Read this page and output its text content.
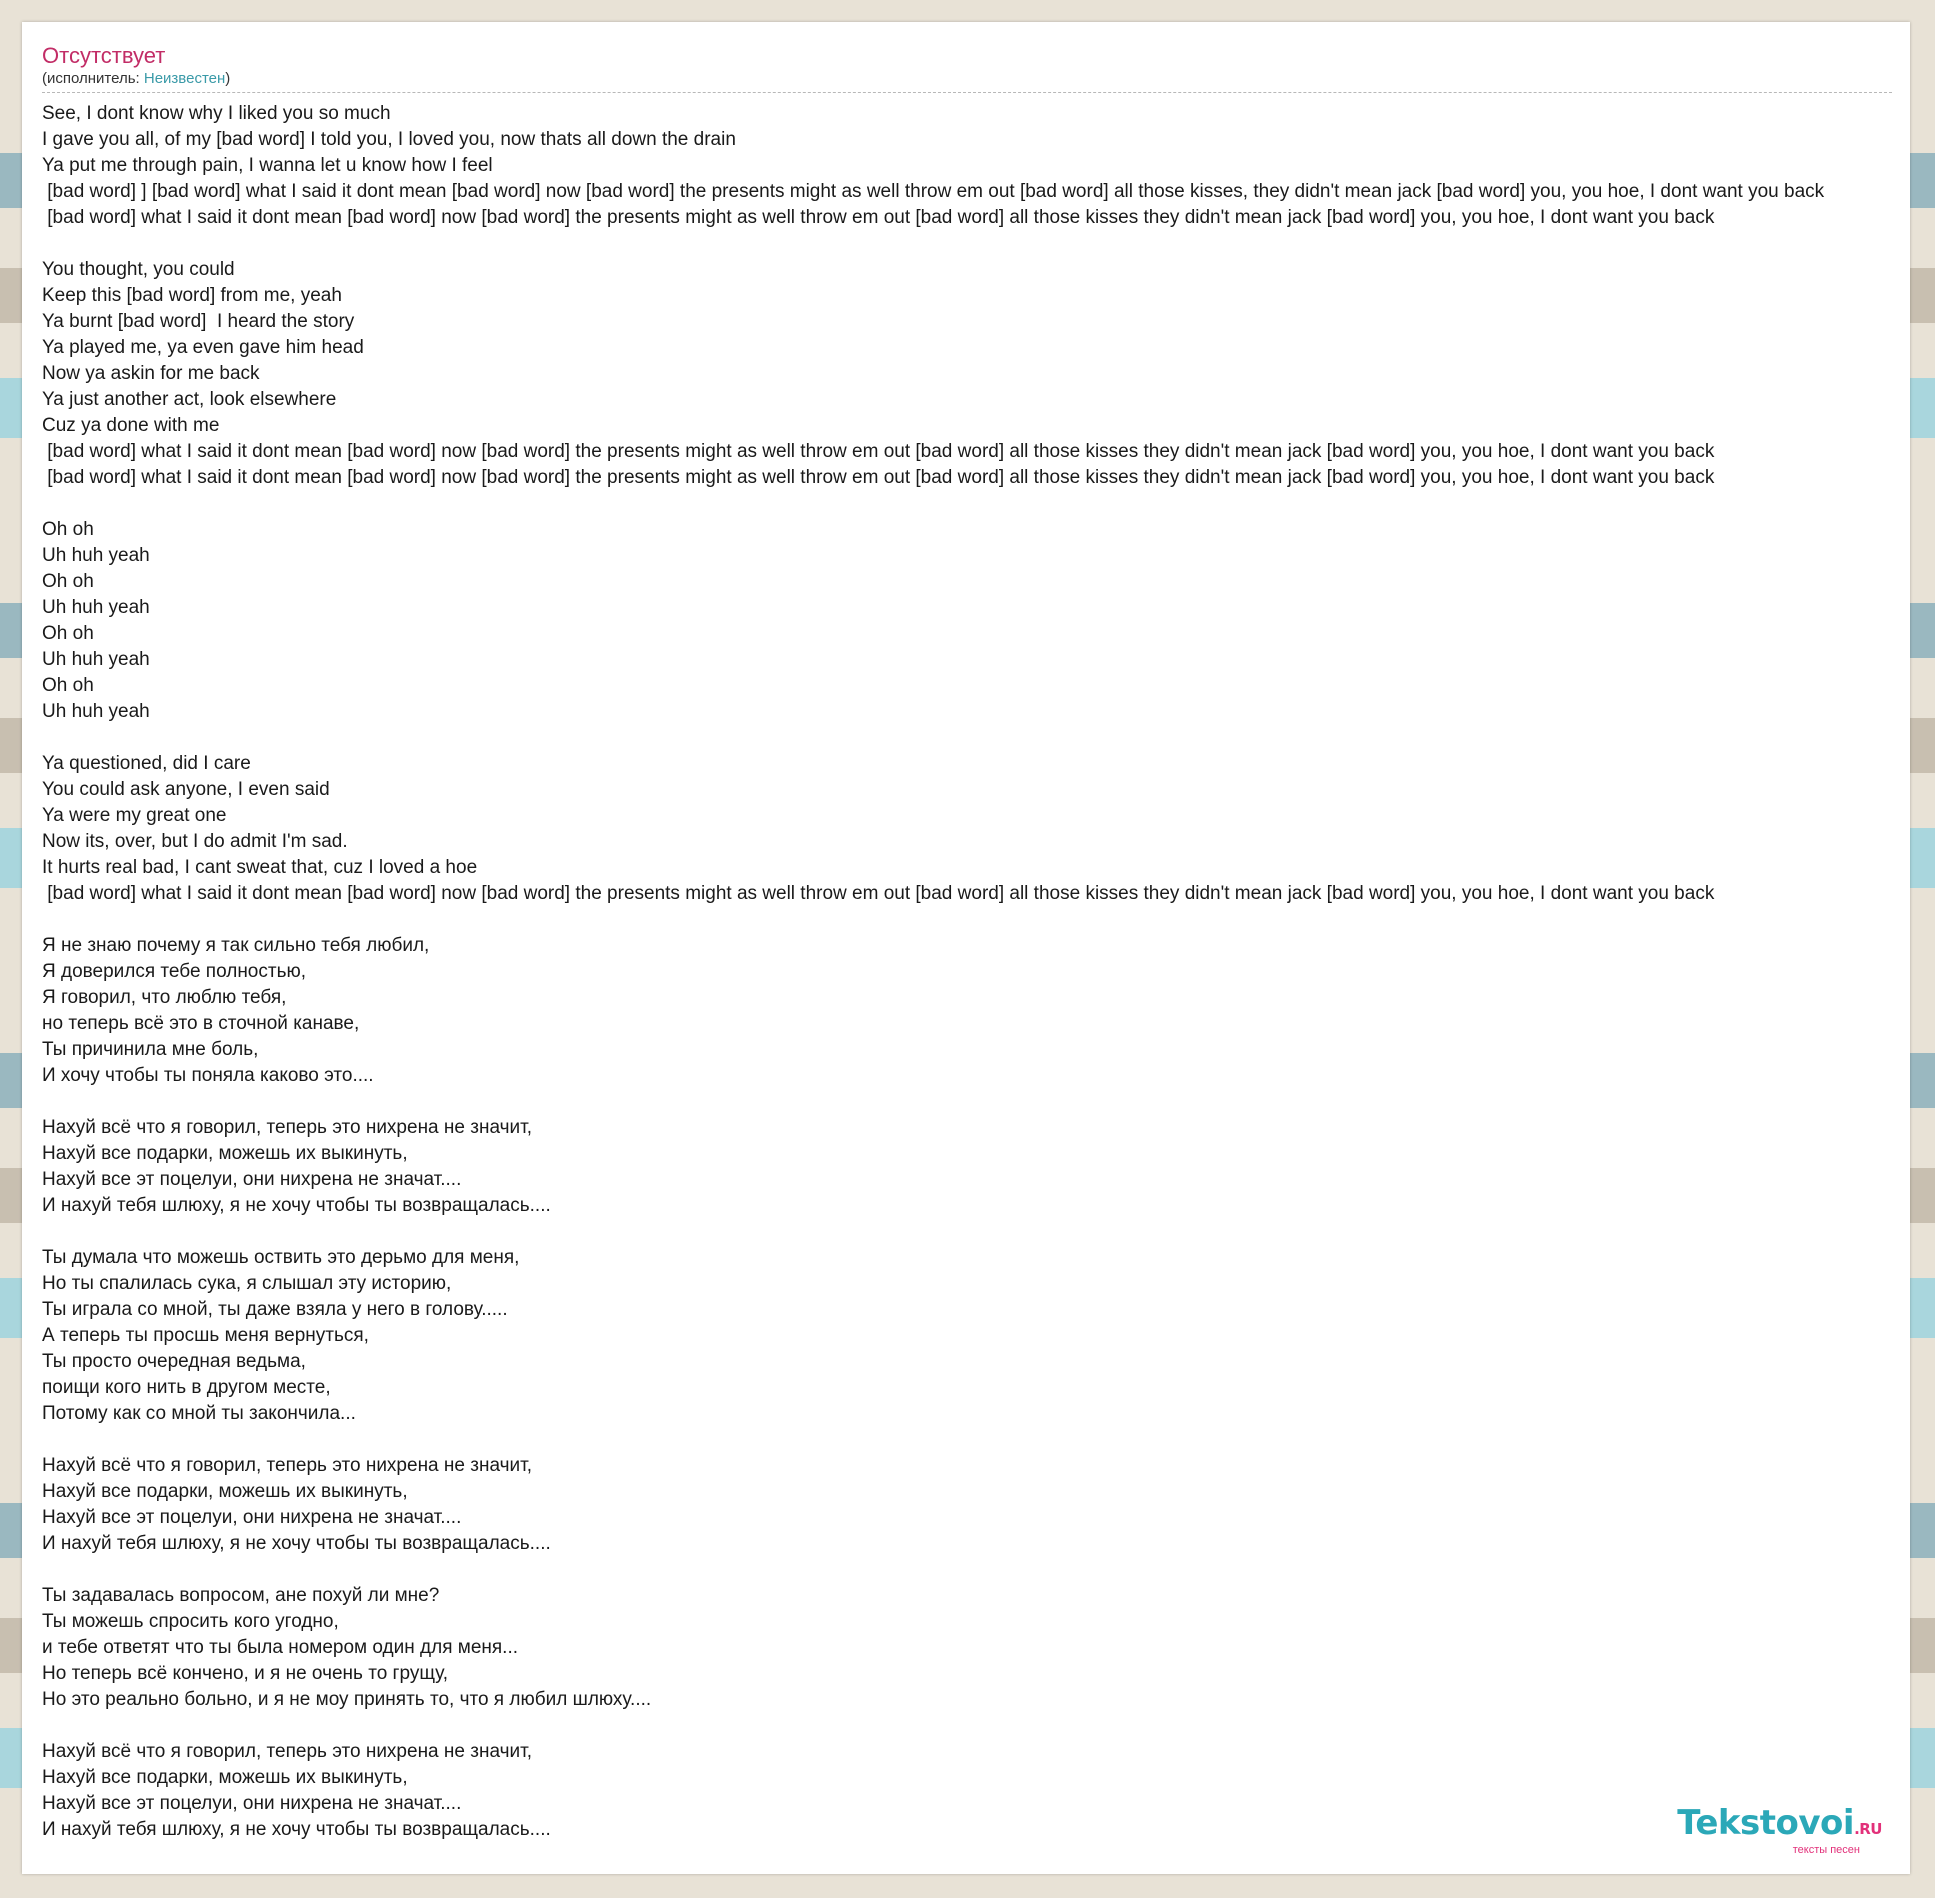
Отсутствует
(исполнитель: Неизвестен)
See, I dont know why I liked you so much
I gave you all, of my [bad word] I told you, I loved you, now thats all down the drain
Ya put me through pain, I wanna let u know how I feel
[bad word] ] [bad word] what I said it dont mean [bad word] now [bad word] the presents might as well throw em out [bad word] all those kisses, they didn't mean jack [bad word] you, you hoe, I dont want you back
[bad word] what I said it dont mean [bad word] now [bad word] the presents might as well throw em out [bad word] all those kisses they didn't mean jack [bad word] you, you hoe, I dont want you back
You thought, you could
Keep this [bad word] from me, yeah
Ya burnt [bad word]  I heard the story
Ya played me, ya even gave him head
Now ya askin for me back
Ya just another act, look elsewhere
Cuz ya done with me
[bad word] what I said it dont mean [bad word] now [bad word] the presents might as well throw em out [bad word] all those kisses they didn't mean jack [bad word] you, you hoe, I dont want you back
[bad word] what I said it dont mean [bad word] now [bad word] the presents might as well throw em out [bad word] all those kisses they didn't mean jack [bad word] you, you hoe, I dont want you back
Oh oh
Uh huh yeah
Oh oh
Uh huh yeah
Oh oh
Uh huh yeah
Oh oh
Uh huh yeah
Ya questioned, did I care
You could ask anyone, I even said
Ya were my great one
Now its, over, but I do admit I'm sad.
It hurts real bad, I cant sweat that, cuz I loved a hoe
[bad word] what I said it dont mean [bad word] now [bad word] the presents might as well throw em out [bad word] all those kisses they didn't mean jack [bad word] you, you hoe, I dont want you back
Я не знаю почему я так сильно тебя любил,
Я доверился тебе полностью,
Я говорил, что люблю тебя,
но теперь всё это в сточной канаве,
Ты причинила мне боль,
И хочу чтобы ты поняла каково это....
Нахуй всё что я говорил, теперь это нихрена не значит,
Нахуй все подарки, можешь их выкинуть,
Нахуй все эт поцелуи, они нихрена не значат....
И нахуй тебя шлюху, я не хочу чтобы ты возвращалась....
Ты думала что можешь оствить это дерьмо для меня,
Но ты спалилась сука, я слышал эту историю,
Ты играла со мной, ты даже взяла у него в голову.....
А теперь ты просшь меня вернуться,
Ты просто очередная ведьма,
поищи кого нить в другом месте,
Потому как со мной ты закончила...
Нахуй всё что я говорил, теперь это нихрена не значит,
Нахуй все подарки, можешь их выкинуть,
Нахуй все эт поцелуи, они нихрена не значат....
И нахуй тебя шлюху, я не хочу чтобы ты возвращалась....
Ты задавалась вопросом, ане похуй ли мне?
Ты можешь спросить кого угодно,
и тебе ответят что ты была номером один для меня...
Но теперь всё кончено, и я не очень то грущу,
Но это реально больно, и я не моу принять то, что я любил шлюху....
Нахуй всё что я говорил, теперь это нихрена не значит,
Нахуй все подарки, можешь их выкинуть,
Нахуй все эт поцелуи, они нихрена не значат....
И нахуй тебя шлюху, я не хочу чтобы ты возвращалась....	Tekstovoi.RU
тексты песен
